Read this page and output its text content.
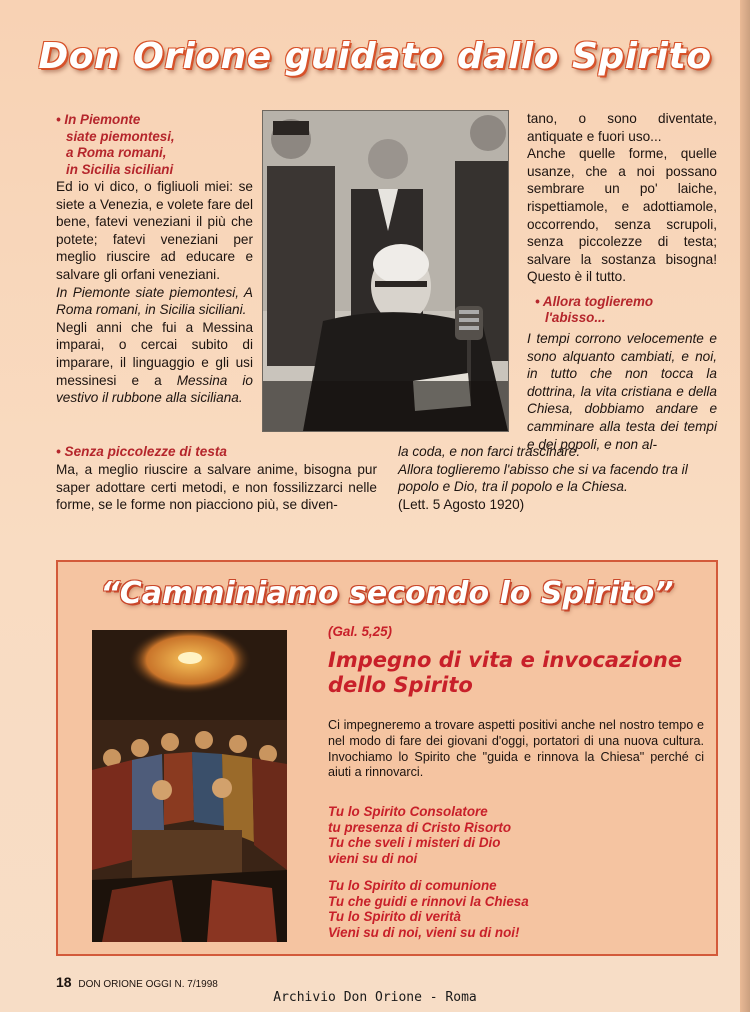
Don Orione guidato dallo Spirito
• In Piemonte
siate piemontesi,
a Roma romani,
in Sicilia siciliani

Ed io vi dico, o figliuoli miei: se siete a Venezia, e volete fare del bene, fatevi veneziani il più che potete; fatevi veneziani per meglio riuscire ad educare e salvare gli orfani veneziani.

In Piemonte siate piemontesi, A Roma romani, in Sicilia siciliani.

Negli anni che fui a Messina imparai, o cercai subito di imparare, il linguaggio e gli usi messinesi e a Messina io vestivo il rubbone alla siciliana.

tano, o sono diventate, antiquate e fuori uso...

Anche quelle forme, quelle usanze, che a noi possano sembrare un po' laiche, rispettiamole, e adottiamole, occorrendo, senza scrupoli, senza piccolezze di testa; salvare la sostanza bisogna! Questo è il tutto.

• Allora toglieremo
l'abisso...

I tempi corrono velocemente e sono alquanto cambiati, e noi, in tutto che non tocca la dottrina, la vita cristiana e della Chiesa, dobbiamo andare e camminare alla testa dei tempi e dei popoli, e non al-

• Senza piccolezze di testa
Ma, a meglio riuscire a salvare anime, bisogna pur saper adottare certi metodi, e non fossilizzarci nelle forme, se le forme non piacciono più, se diven-

la coda, e non farci trascinare.

Allora toglieremo l'abisso che si va facendo tra il popolo e Dio, tra il popolo e la Chiesa.

(Lett. 5 Agosto 1920)

“Camminiamo secondo lo Spirito”
(Gal. 5,25)
Impegno di vita e invocazione dello Spirito
Ci impegneremo a trovare aspetti positivi anche nel nostro tempo e nel modo di fare dei giovani d'oggi, portatori di una nuova cultura. Invochiamo lo Spirito che "guida e rinnova la Chiesa" perché ci aiuti a rinnovarci.
Tu lo Spirito Consolatore
tu presenza di Cristo Risorto
Tu che sveli i misteri di Dio
vieni su di noi
Tu lo Spirito di comunione
Tu che guidi e rinnovi la Chiesa
Tu lo Spirito di verità
Vieni su di noi, vieni su di noi!
18 DON ORIONE OGGI N. 7/1998
Archivio Don Orione - Roma
